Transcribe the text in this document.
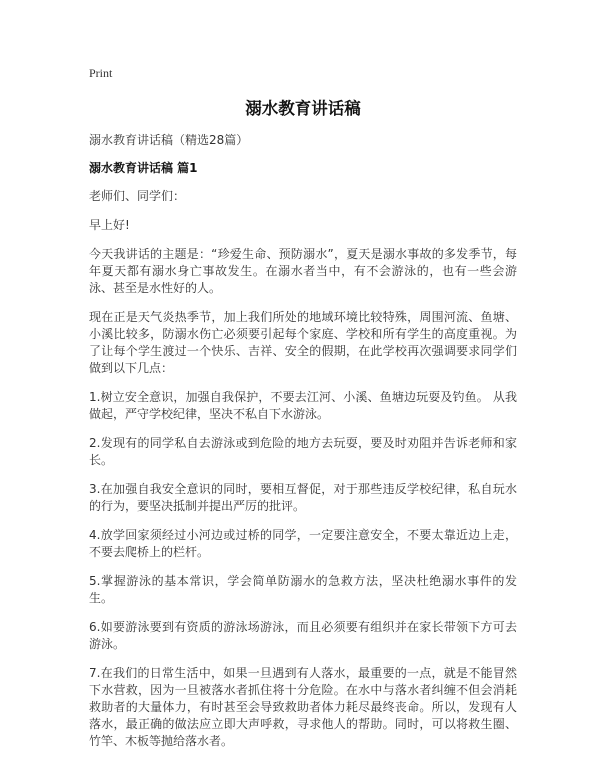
Print
溺水教育讲话稿
溺水教育讲话稿（精选28篇）
溺水教育讲话稿 篇1
老师们、同学们：
早上好!
今天我讲话的主题是：“珍爱生命、预防溺水”，夏天是溺水事故的多发季节，每年夏天都有溺水身亡事故发生。在溺水者当中，有不会游泳的，也有一些会游泳、甚至是水性好的人。
现在正是天气炎热季节，加上我们所处的地域环境比较特殊，周围河流、鱼塘、小溪比较多，防溺水伤亡必须要引起每个家庭、学校和所有学生的高度重视。为了让每个学生渡过一个快乐、吉祥、安全的假期，在此学校再次强调要求同学们做到以下几点：
1.树立安全意识，加强自我保护，不要去江河、小溪、鱼塘边玩耍及钓鱼。 从我做起，严守学校纪律，坚决不私自下水游泳。
2.发现有的同学私自去游泳或到危险的地方去玩耍，要及时劝阻并告诉老师和家长。
3.在加强自我安全意识的同时，要相互督促，对于那些违反学校纪律，私自玩水的行为，要坚决抵制并提出严厉的批评。
4.放学回家须经过小河边或过桥的同学，一定要注意安全，不要太靠近边上走，不要去爬桥上的栏杆。
5.掌握游泳的基本常识，学会简单防溺水的急救方法，坚决杜绝溺水事件的发生。
6.如要游泳要到有资质的游泳场游泳，而且必须要有组织并在家长带领下方可去游泳。
7.在我们的日常生活中，如果一旦遇到有人落水，最重要的一点，就是不能冒然下水营救，因为一旦被落水者抓住将十分危险。在水中与落水者纠缠不但会消耗救助者的大量体力，有时甚至会导致救助者体力耗尽最终丧命。所以，发现有人落水，最正确的做法应立即大声呼救，寻求他人的帮助。同时，可以将救生圈、竹竿、木板等抛给落水者。
